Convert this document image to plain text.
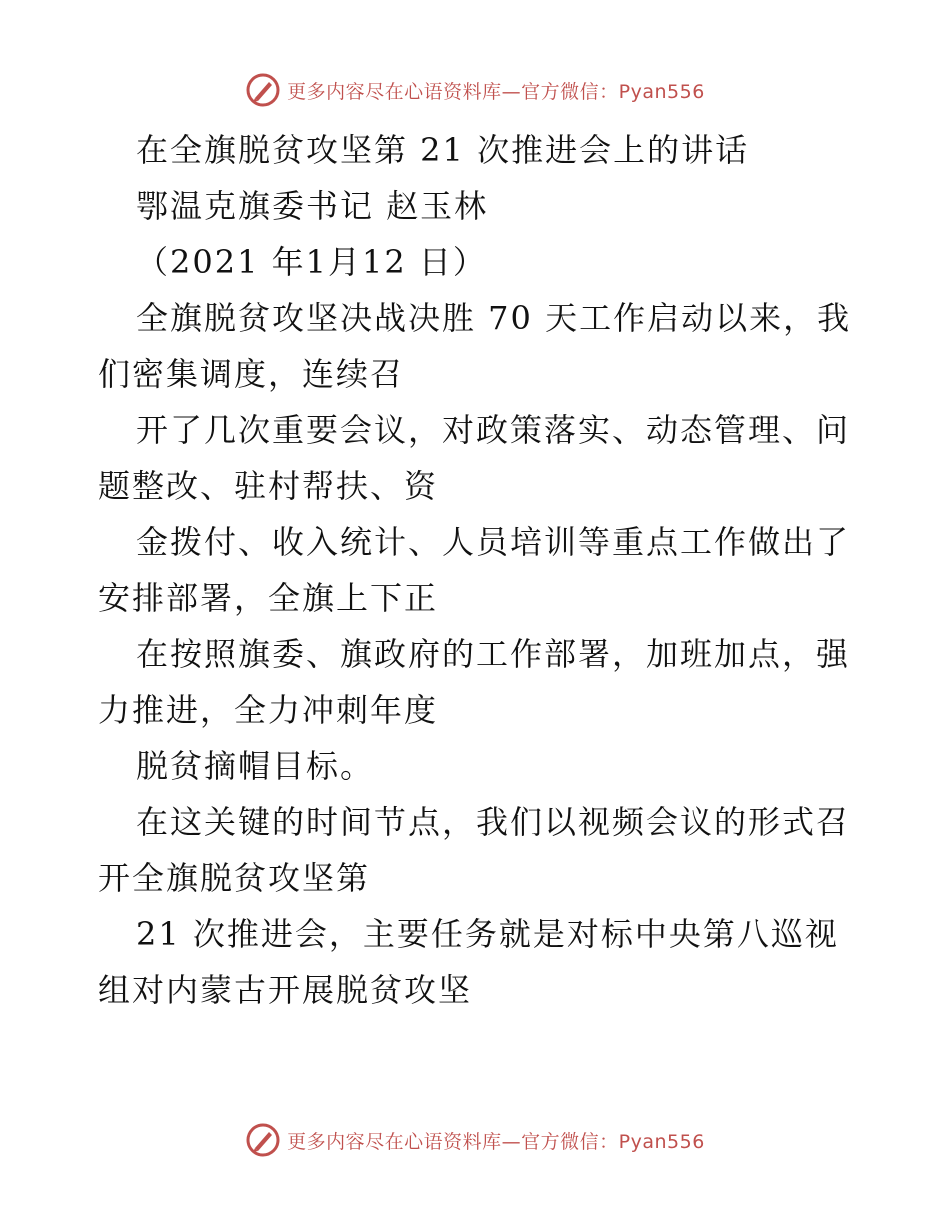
更多内容尽在心语资料库—官方微信：Pyan556

在全旗脱贫攻坚第 21 次推进会上的讲话

鄂温克旗委书记 赵玉林

（2021 年1月12 日）

全旗脱贫攻坚决战决胜 70 天工作启动以来，我

们密集调度，连续召

开了几次重要会议，对政策落实、动态管理、问

题整改、驻村帮扶、资

金拨付、收入统计、人员培训等重点工作做出了

安排部署，全旗上下正

在按照旗委、旗政府的工作部署，加班加点，强

力推进，全力冲刺年度

脱贫摘帽目标。

在这关键的时间节点，我们以视频会议的形式召

开全旗脱贫攻坚第

21 次推进会，主要任务就是对标中央第八巡视

组对内蒙古开展脱贫攻坚

更多内容尽在心语资料库—官方微信：Pyan556
